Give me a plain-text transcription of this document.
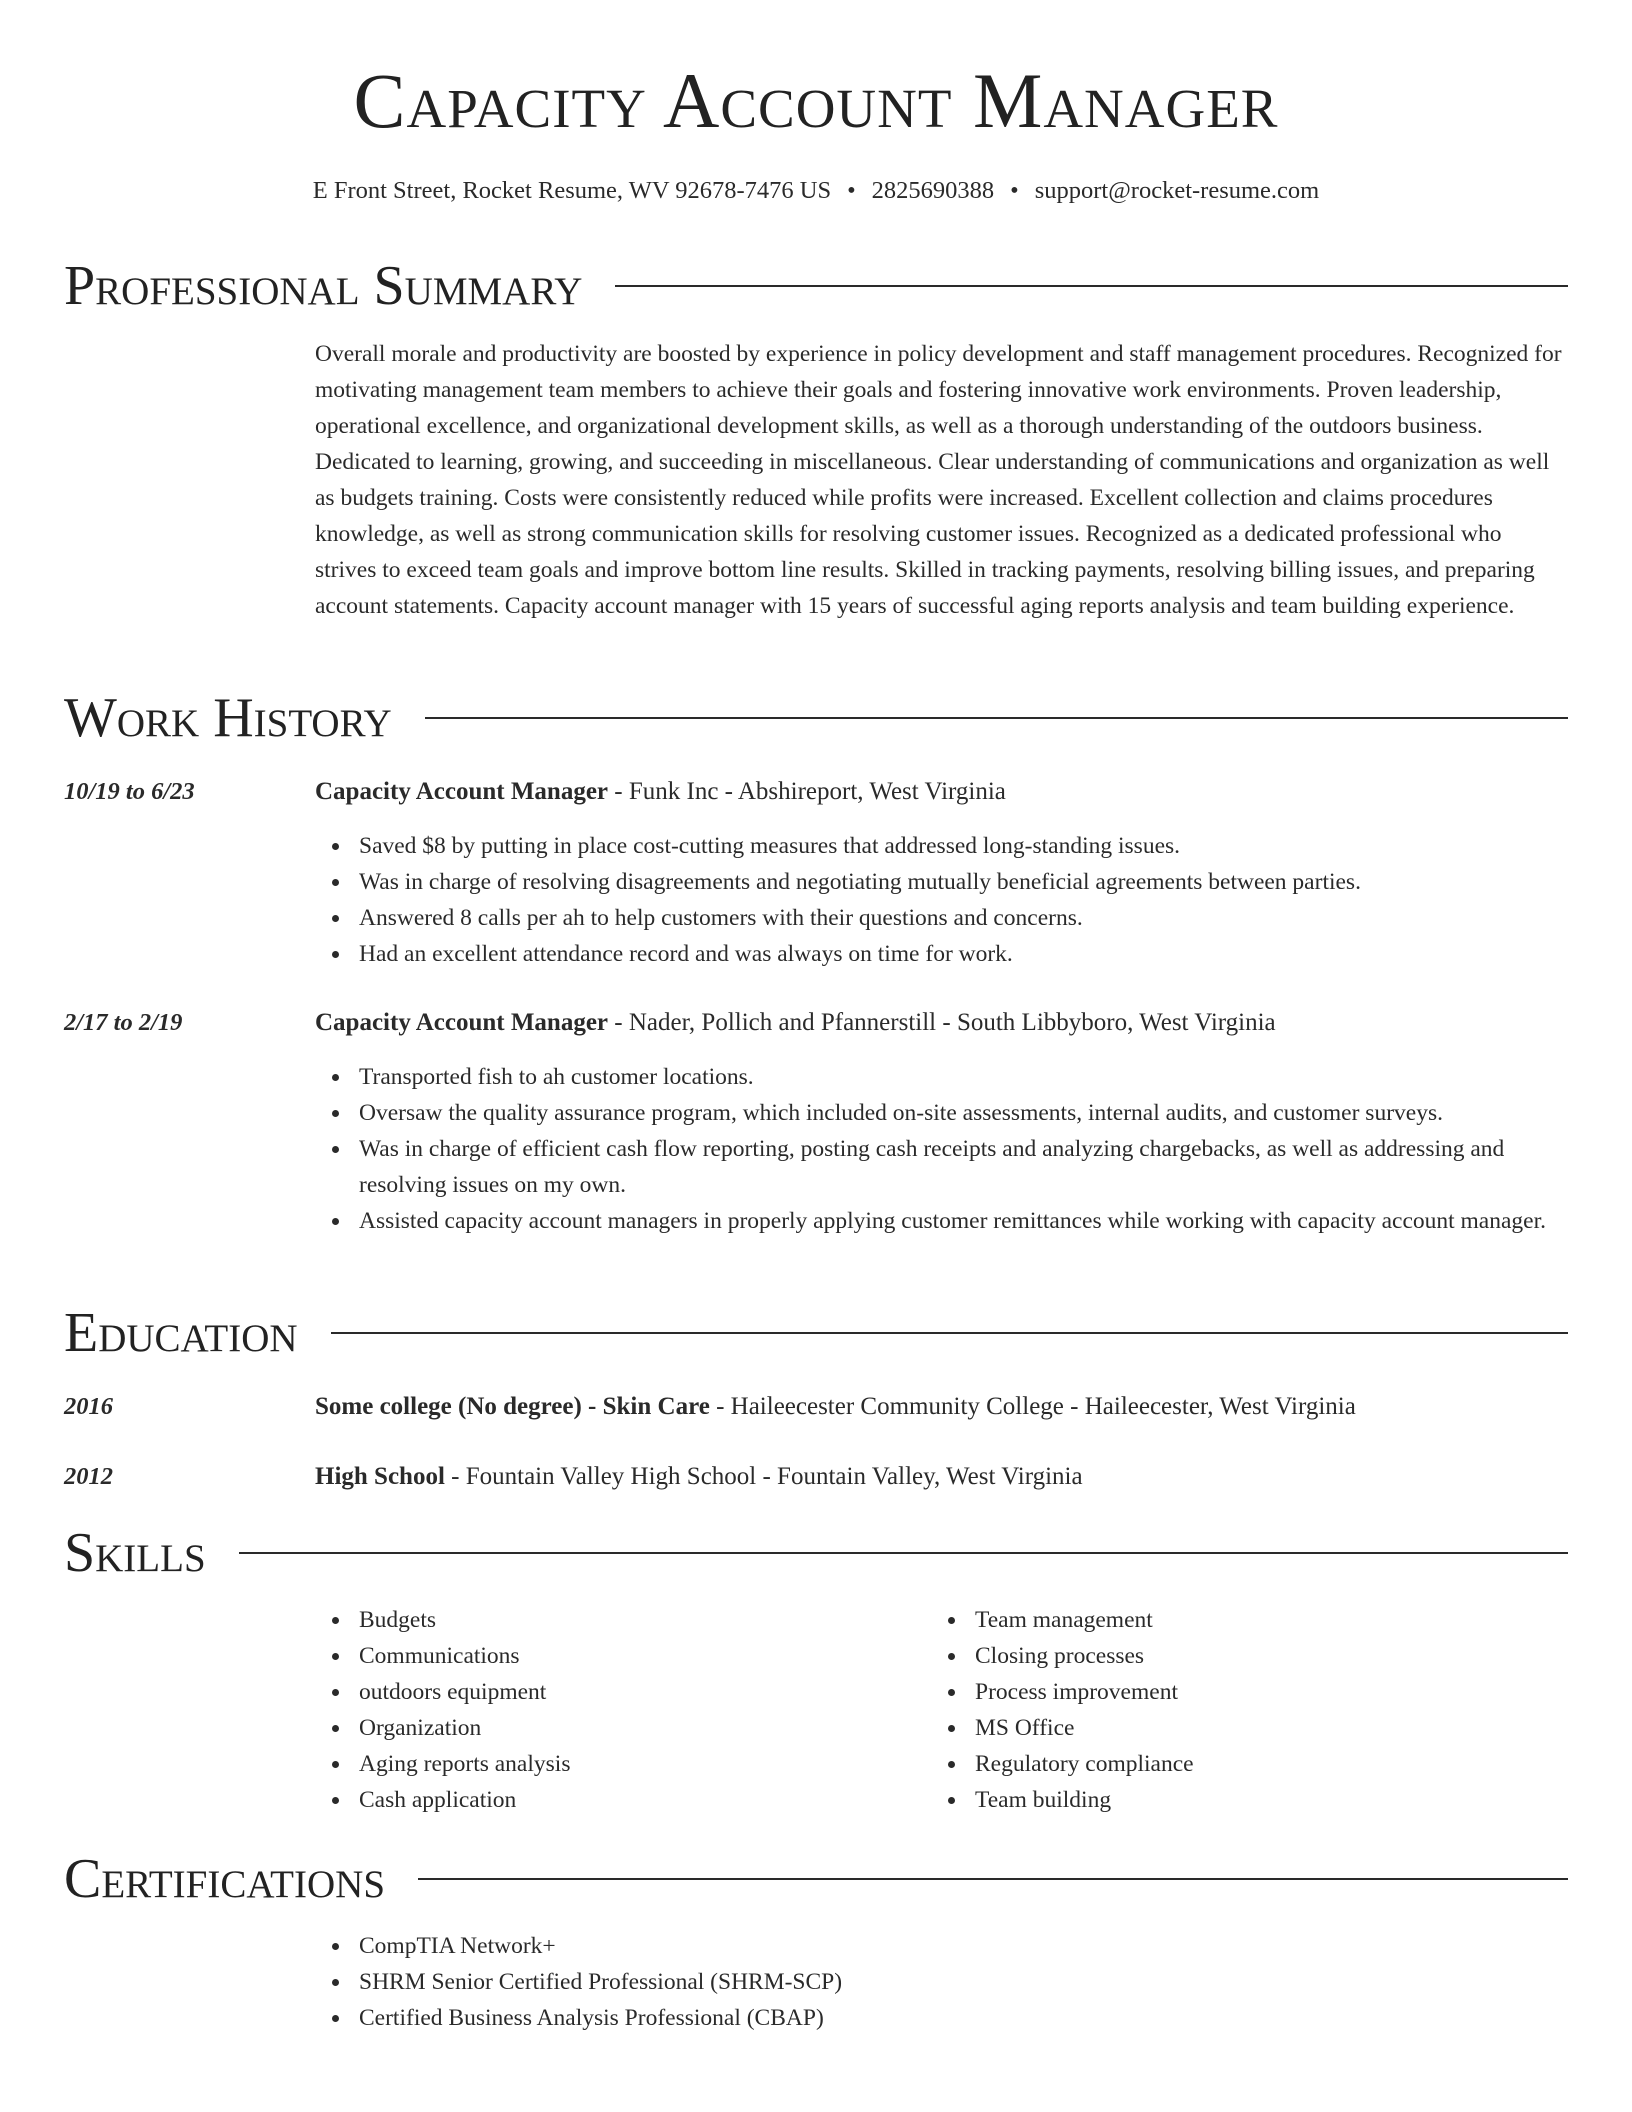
Capacity Account Manager
E Front Street, Rocket Resume, WV 92678-7476 US • 2825690388 • support@rocket-resume.com
Professional Summary
Overall morale and productivity are boosted by experience in policy development and staff management procedures. Recognized for motivating management team members to achieve their goals and fostering innovative work environments. Proven leadership, operational excellence, and organizational development skills, as well as a thorough understanding of the outdoors business. Dedicated to learning, growing, and succeeding in miscellaneous. Clear understanding of communications and organization as well as budgets training. Costs were consistently reduced while profits were increased. Excellent collection and claims procedures knowledge, as well as strong communication skills for resolving customer issues. Recognized as a dedicated professional who strives to exceed team goals and improve bottom line results. Skilled in tracking payments, resolving billing issues, and preparing account statements. Capacity account manager with 15 years of successful aging reports analysis and team building experience.
Work History
10/19 to 6/23	Capacity Account Manager - Funk Inc - Abshireport, West Virginia
Saved $8 by putting in place cost-cutting measures that addressed long-standing issues.
Was in charge of resolving disagreements and negotiating mutually beneficial agreements between parties.
Answered 8 calls per ah to help customers with their questions and concerns.
Had an excellent attendance record and was always on time for work.
2/17 to 2/19	Capacity Account Manager - Nader, Pollich and Pfannerstill - South Libbyboro, West Virginia
Transported fish to ah customer locations.
Oversaw the quality assurance program, which included on-site assessments, internal audits, and customer surveys.
Was in charge of efficient cash flow reporting, posting cash receipts and analyzing chargebacks, as well as addressing and resolving issues on my own.
Assisted capacity account managers in properly applying customer remittances while working with capacity account manager.
Education
2016	Some college (No degree) - Skin Care - Haileecester Community College - Haileecester, West Virginia
2012	High School - Fountain Valley High School - Fountain Valley, West Virginia
Skills
Budgets
Communications
outdoors equipment
Organization
Aging reports analysis
Cash application
Team management
Closing processes
Process improvement
MS Office
Regulatory compliance
Team building
Certifications
CompTIA Network+
SHRM Senior Certified Professional (SHRM-SCP)
Certified Business Analysis Professional (CBAP)
